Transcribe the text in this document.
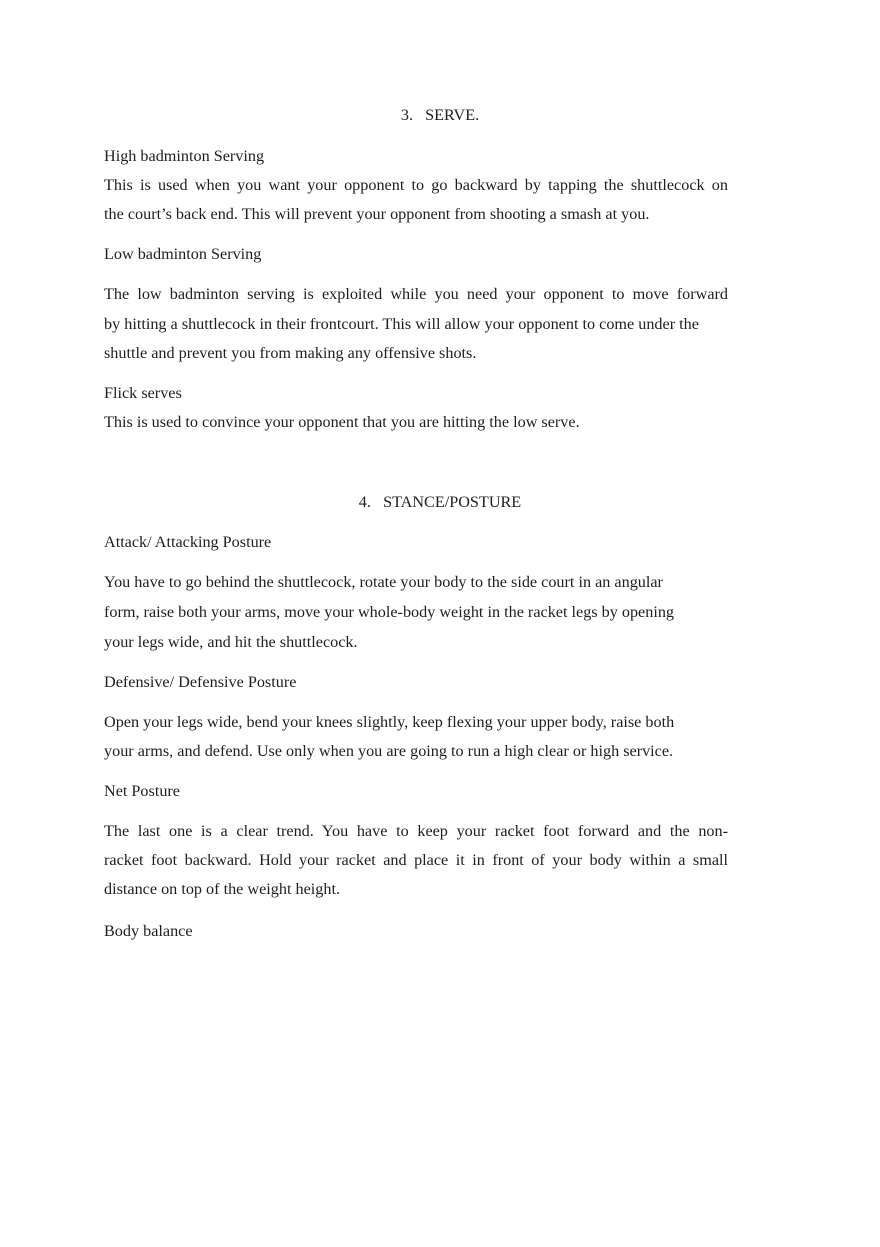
3.   SERVE.
High badminton Serving
This is used when you want your opponent to go backward by tapping the shuttlecock on
the court’s back end. This will prevent your opponent from shooting a smash at you.
Low badminton Serving
The low badminton serving is exploited while you need your opponent to move forward
by hitting a shuttlecock in their frontcourt. This will allow your opponent to come under the
shuttle and prevent you from making any offensive shots.
Flick serves
This is used to convince your opponent that you are hitting the low serve.
4.   STANCE/POSTURE
Attack/ Attacking Posture
You have to go behind the shuttlecock, rotate your body to the side court in an angular
form, raise both your arms, move your whole-body weight in the racket legs by opening
your legs wide, and hit the shuttlecock.
Defensive/ Defensive Posture
Open your legs wide, bend your knees slightly, keep flexing your upper body, raise both
your arms, and defend. Use only when you are going to run a high clear or high service.
Net Posture
The last one is a clear trend. You have to keep your racket foot forward and the non-
racket foot backward. Hold your racket and place it in front of your body within a small
distance on top of the weight height.
Body balance
